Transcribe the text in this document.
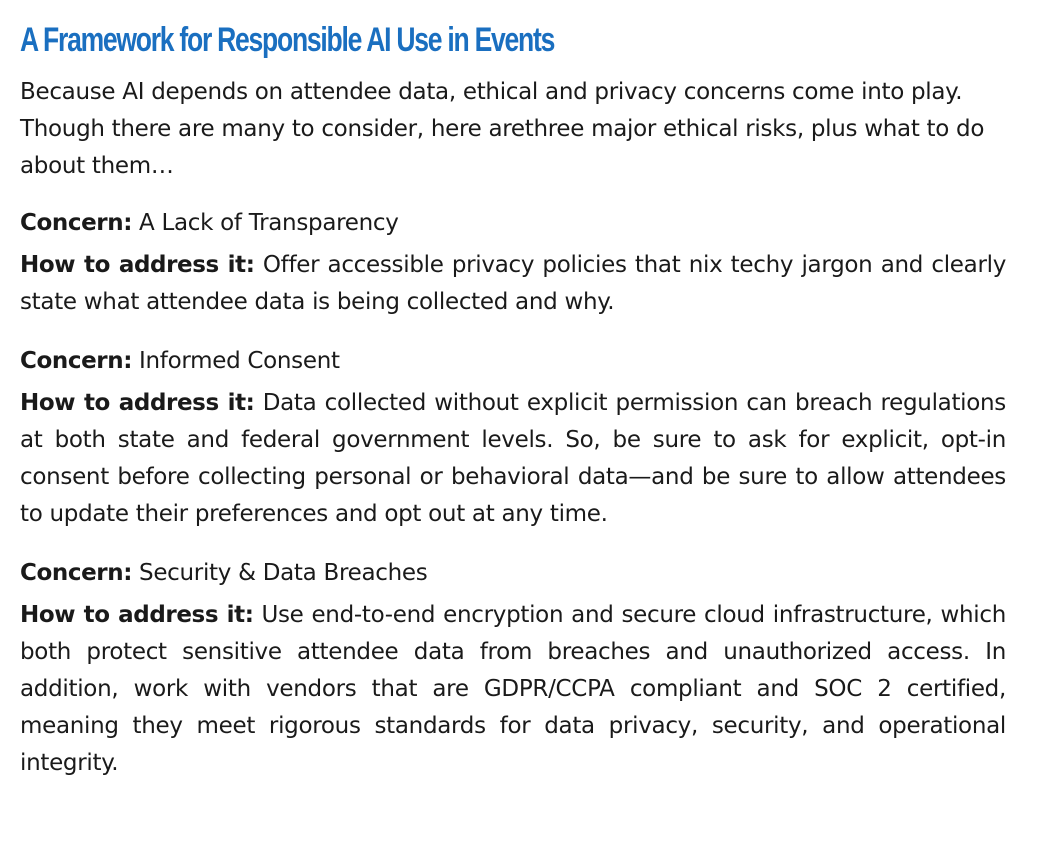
A Framework for Responsible AI Use in Events

Because AI depends on attendee data, ethical and privacy concerns come into play. Though there are many to consider, here arethree major ethical risks, plus what to do about them…

Concern: A Lack of Transparency

How to address it: Offer accessible privacy policies that nix techy jargon and clearly state what attendee data is being collected and why.

Concern: Informed Consent

How to address it: Data collected without explicit permission can breach regulations at both state and federal government levels. So, be sure to ask for explicit, opt-in consent before collecting personal or behavioral data—and be sure to allow attendees to update their preferences and opt out at any time.

Concern: Security & Data Breaches

How to address it: Use end-to-end encryption and secure cloud infrastructure, which both protect sensitive attendee data from breaches and unauthorized access. In addition, work with vendors that are GDPR/CCPA compliant and SOC 2 certified, meaning they meet rigorous standards for data privacy, security, and operational integrity.
